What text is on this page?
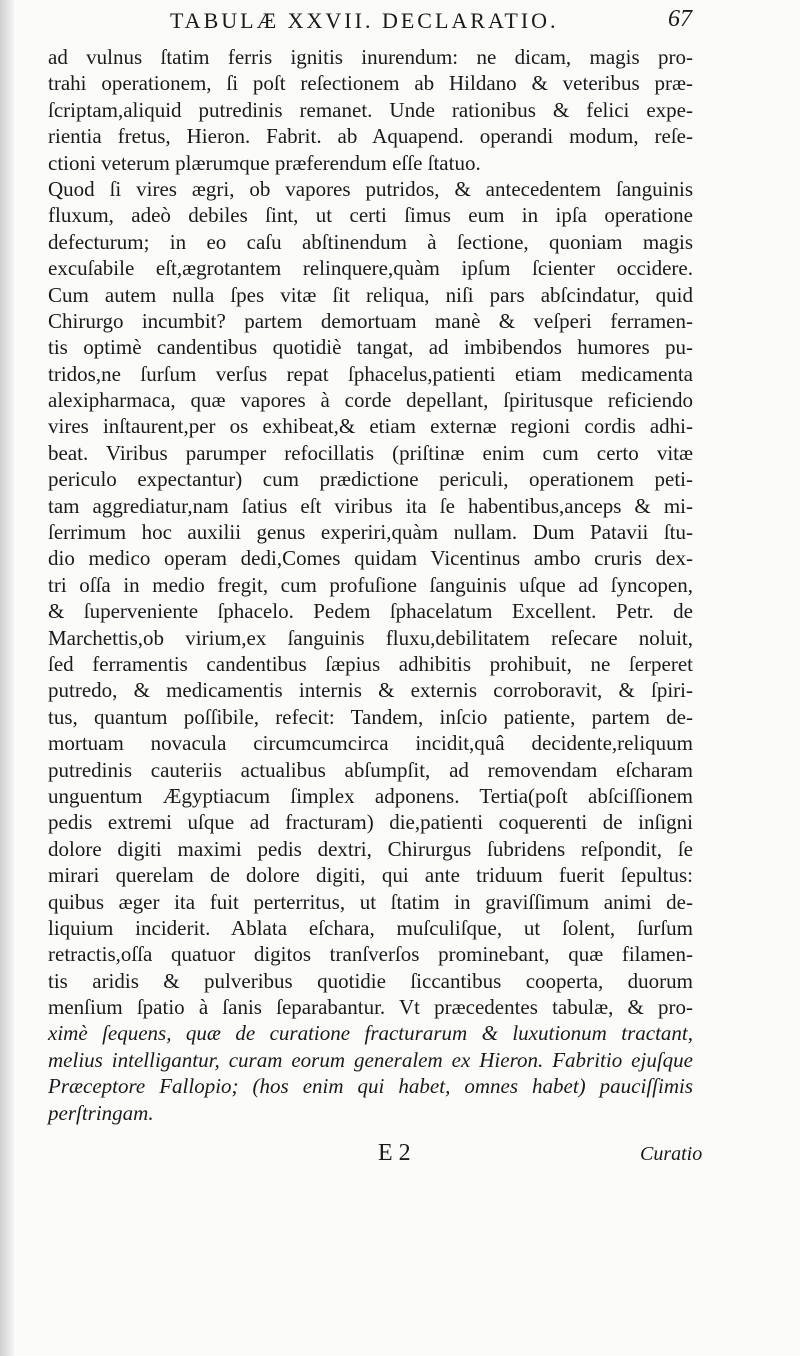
TABULÆ XXVII. DECLARATIO.	67
ad vulnus ſtatim ferris ignitis inurendum: ne dicam, magis pro-
trahi operationem, ſi poſt reſectionem ab Hildano & veteribus præ-
ſcriptam,aliquid putredinis remanet. Unde rationibus & felici expe-
rientia fretus, Hieron. Fabrit. ab Aquapend. operandi modum, reſe-
ctioni veterum plærumque præferendum eſſe ſtatuo.
Quod ſi vires ægri, ob vapores putridos, & antecedentem ſanguinis
fluxum, adeò debiles ſint, ut certi ſimus eum in ipſa operatione
defecturum; in eo caſu abſtinendum à ſectione, quoniam magis
excuſabile eſt,ægrotantem relinquere,quàm ipſum ſcienter occidere.
Cum autem nulla ſpes vitæ ſit reliqua, niſi pars abſcindatur, quid
Chirurgo incumbit? partem demortuam manè & veſperi ferramen-
tis optimè candentibus quotidiè tangat, ad imbibendos humores pu-
tridos,ne ſurſum verſus repat ſphacelus,patienti etiam medicamenta
alexipharmaca, quæ vapores à corde depellant, ſpiritusque reficiendo
vires inſtaurent,per os exhibeat,& etiam externæ regioni cordis adhi-
beat. Viribus parumper refocillatis (priſtinæ enim cum certo vitæ
periculo expectantur) cum prædictione periculi, operationem peti-
tam aggrediatur,nam ſatius eſt viribus ita ſe habentibus,anceps & mi-
ſerrimum hoc auxilii genus experiri,quàm nullam. Dum Patavii ſtu-
dio medico operam dedi,Comes quidam Vicentinus ambo cruris dex-
tri oſſa in medio fregit, cum profuſione ſanguinis uſque ad ſyncopen,
& ſuperveniente ſphacelo. Pedem ſphacelatum Excellent. Petr. de
Marchettis,ob virium,ex ſanguinis fluxu,debilitatem reſecare noluit,
ſed ferramentis candentibus ſæpius adhibitis prohibuit, ne ſerperet
putredo, & medicamentis internis & externis corroboravit, & ſpiri-
tus, quantum poſſibile, refecit: Tandem, inſcio patiente, partem de-
mortuam novacula circumcumcirca incidit,quâ decidente,reliquum
putredinis cauteriis actualibus abſumpſit, ad removendam eſcharam
unguentum Ægyptiacum ſimplex adponens. Tertia(poſt abſciſſionem
pedis extremi uſque ad fracturam) die,patienti coquerenti de inſigni
dolore digiti maximi pedis dextri, Chirurgus ſubridens reſpondit, ſe
mirari querelam de dolore digiti, qui ante triduum fuerit ſepultus:
quibus æger ita fuit perterritus, ut ſtatim in graviſſimum animi de-
liquium inciderit. Ablata eſchara, muſculiſque, ut ſolent, ſurſum
retractis,oſſa quatuor digitos tranſverſos prominebant, quæ filamen-
tis aridis & pulveribus quotidie ſiccantibus cooperta, duorum
menſium ſpatio à ſanis ſeparabantur. Vt præcedentes tabulæ, & pro-
ximè ſequens, quæ de curatione fracturarum & luxutionum tractant,
melius intelligantur, curam eorum generalem ex Hieron. Fabritio ejuſque
Præceptore Fallopio; (hos enim qui habet, omnes habet) pauciſſimis
perſtringam.
E 2	Curatio
